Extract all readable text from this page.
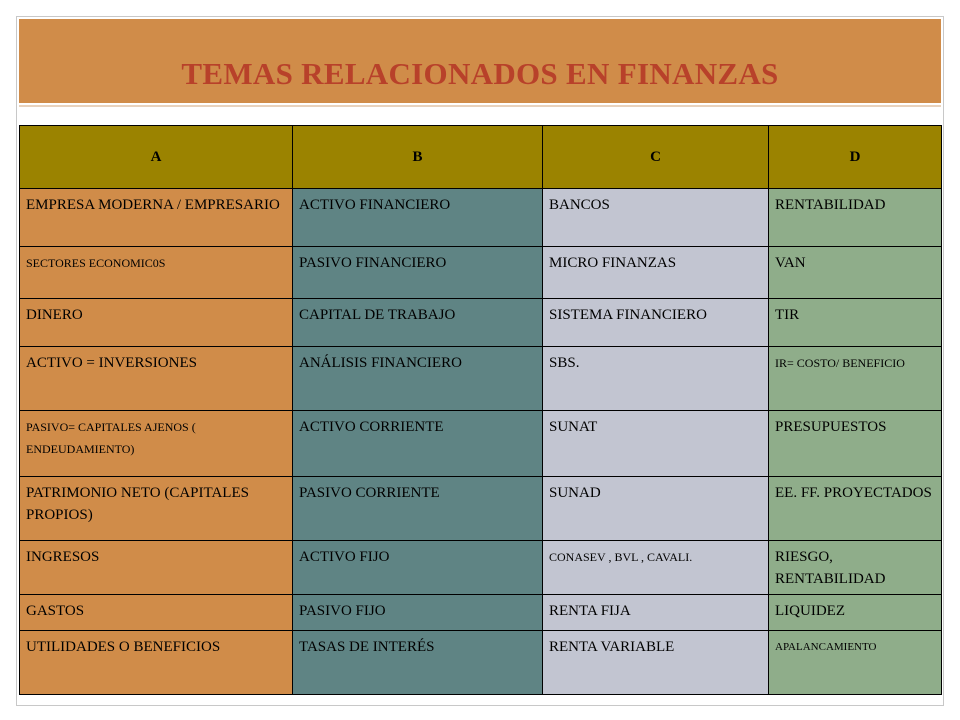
TEMAS RELACIONADOS EN FINANZAS
A	B	C	D

EMPRESA MODERNA / EMPRESARIO	ACTIVO FINANCIERO	BANCOS	RENTABILIDAD

SECTORES ECONOMIC0S	PASIVO FINANCIERO	MICRO FINANZAS	VAN

DINERO	CAPITAL DE TRABAJO	SISTEMA FINANCIERO	TIR

ACTIVO = INVERSIONES	ANÁLISIS FINANCIERO	SBS.	IR= COSTO/ BENEFICIO

PASIVO= CAPITALES AJENOS ( ENDEUDAMIENTO)	ACTIVO CORRIENTE	SUNAT	PRESUPUESTOS

PATRIMONIO NETO (CAPITALES PROPIOS)	PASIVO CORRIENTE	SUNAD	EE. FF. PROYECTADOS

INGRESOS	ACTIVO FIJO	CONASEV , BVL , CAVALI.	RIESGO, RENTABILIDAD

GASTOS	PASIVO FIJO	RENTA FIJA	LIQUIDEZ

UTILIDADES O BENEFICIOS	TASAS DE INTERÉS	RENTA VARIABLE	APALANCAMIENTO
